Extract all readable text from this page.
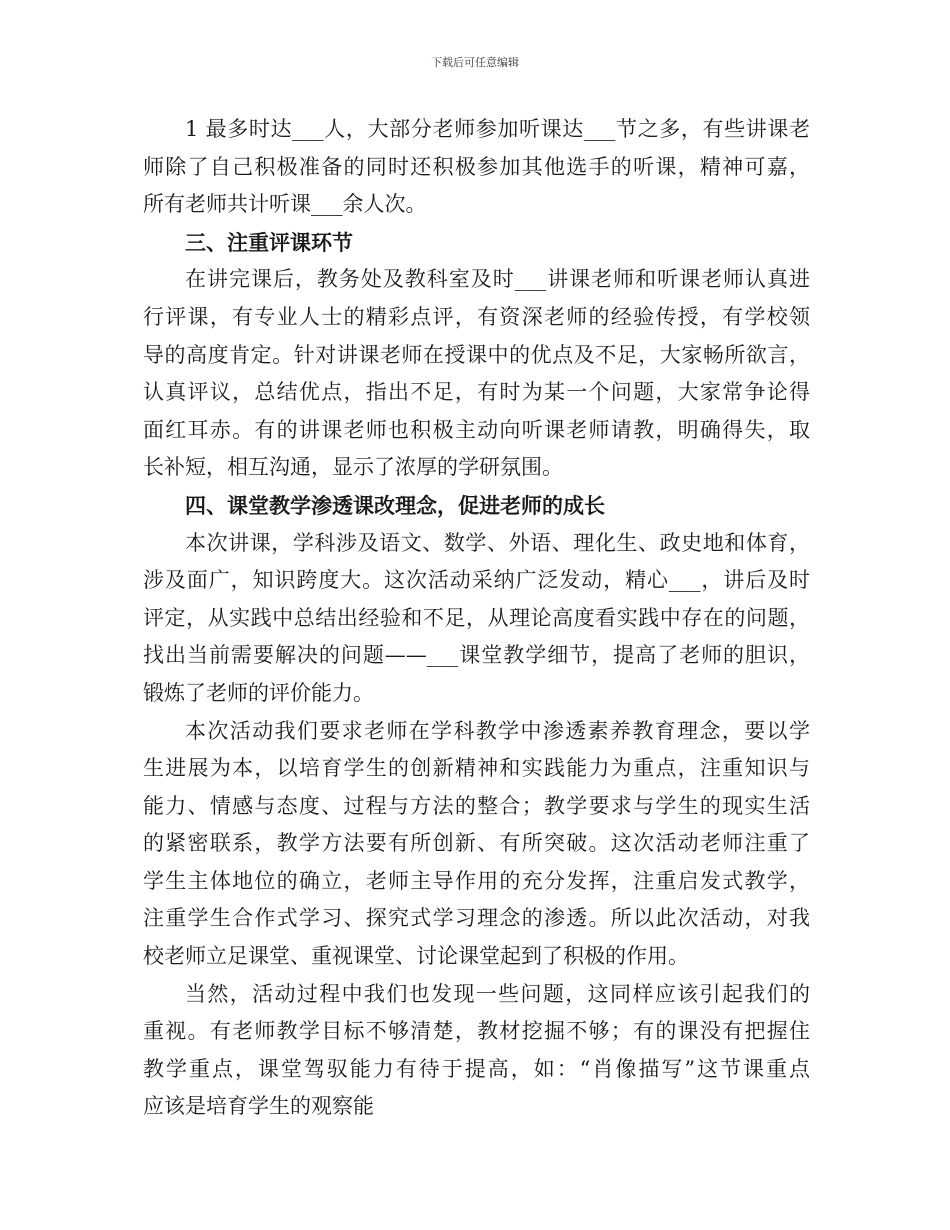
下载后可任意编辑
1 最多时达___人，大部分老师参加听课达___节之多，有些讲课老
师除了自己积极准备的同时还积极参加其他选手的听课，精神可嘉，
所有老师共计听课___余人次。
三、注重评课环节
在讲完课后，教务处及教科室及时___讲课老师和听课老师认真进
行评课，有专业人士的精彩点评，有资深老师的经验传授，有学校领
导的高度肯定。针对讲课老师在授课中的优点及不足，大家畅所欲言，
认真评议，总结优点，指出不足，有时为某一个问题，大家常争论得
面红耳赤。有的讲课老师也积极主动向听课老师请教，明确得失，取
长补短，相互沟通，显示了浓厚的学研氛围。
四、课堂教学渗透课改理念，促进老师的成长
本次讲课，学科涉及语文、数学、外语、理化生、政史地和体育，
涉及面广，知识跨度大。这次活动采纳广泛发动，精心___，讲后及时
评定，从实践中总结出经验和不足，从理论高度看实践中存在的问题，
找出当前需要解决的问题——___课堂教学细节，提高了老师的胆识，
锻炼了老师的评价能力。
本次活动我们要求老师在学科教学中渗透素养教育理念，要以学
生进展为本，以培育学生的创新精神和实践能力为重点，注重知识与
能力、情感与态度、过程与方法的整合；教学要求与学生的现实生活
的紧密联系，教学方法要有所创新、有所突破。这次活动老师注重了
学生主体地位的确立，老师主导作用的充分发挥，注重启发式教学，
注重学生合作式学习、探究式学习理念的渗透。所以此次活动，对我
校老师立足课堂、重视课堂、讨论课堂起到了积极的作用。
当然，活动过程中我们也发现一些问题，这同样应该引起我们的
重视。有老师教学目标不够清楚，教材挖掘不够；有的课没有把握住
教学重点，课堂驾驭能力有待于提高，如：“肖像描写”这节课重点
应该是培育学生的观察能
